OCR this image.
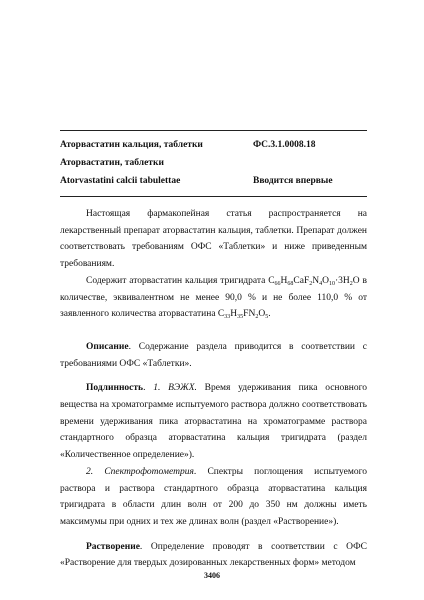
Аторвастатин кальция, таблетки	ФС.3.1.0008.18
Аторвастатин, таблетки
Atorvastatini calcii tabulettae	Вводится впервые

Настоящая фармакопейная статья распространяется на лекарственный препарат аторвастатин кальция, таблетки. Препарат должен соответствовать требованиям ОФС «Таблетки» и ниже приведенным требованиям.

Содержит аторвастатин кальция тригидрата $C_{66}H_{68}CaF_2N_4O_{10}\cdot 3H_2O$ в количестве, эквивалентном не менее 90,0 % и не более 110,0 % от заявленного количества аторвастатина $C_{33}H_{35}FN_2O_5$.

Описание. Содержание раздела приводится в соответствии с требованиями ОФС «Таблетки».

Подлинность. 1. ВЭЖХ. Время удерживания пика основного вещества на хроматограмме испытуемого раствора должно соответствовать времени удерживания пика аторвастатина на хроматограмме раствора стандартного образца аторвастатина кальция тригидрата (раздел «Количественное определение»).

2. Спектрофотометрия. Спектры поглощения испытуемого раствора и раствора стандартного образца аторвастатина кальция тригидрата в области длин волн от 200 до 350 нм должны иметь максимумы при одних и тех же длинах волн (раздел «Растворение»).

Растворение. Определение проводят в соответствии с ОФС «Растворение для твердых дозированных лекарственных форм» методом

3406
